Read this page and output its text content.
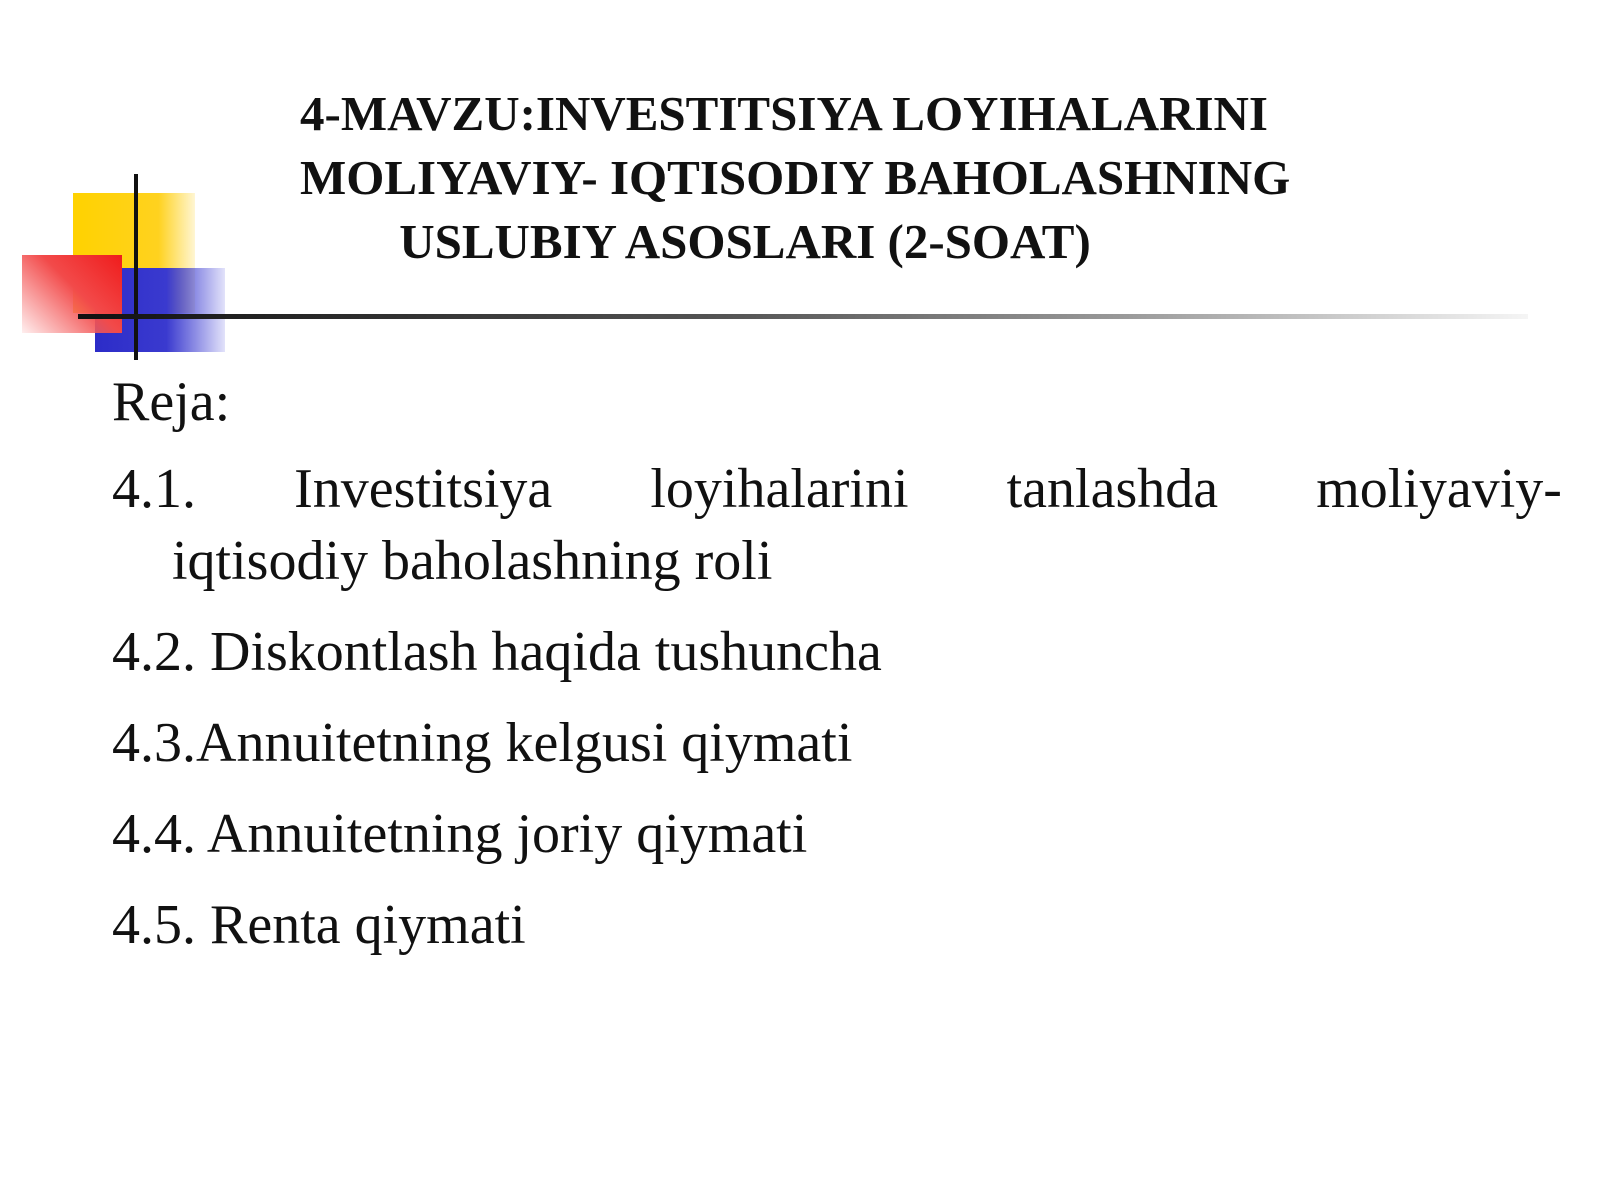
4-MAVZU:INVESTITSIYA LOYIHALARINI
MOLIYAVIY- IQTISODIY BAHOLASHNING
USLUBIY ASOSLARI (2-SOAT)
Reja:
4.1. Investitsiya loyihalarini tanlashda moliyaviy-
iqtisodiy baholashning roli
4.2. Diskontlash haqida tushuncha
4.3.Annuitetning kelgusi qiymati
4.4. Annuitetning joriy qiymati
4.5. Renta qiymati
